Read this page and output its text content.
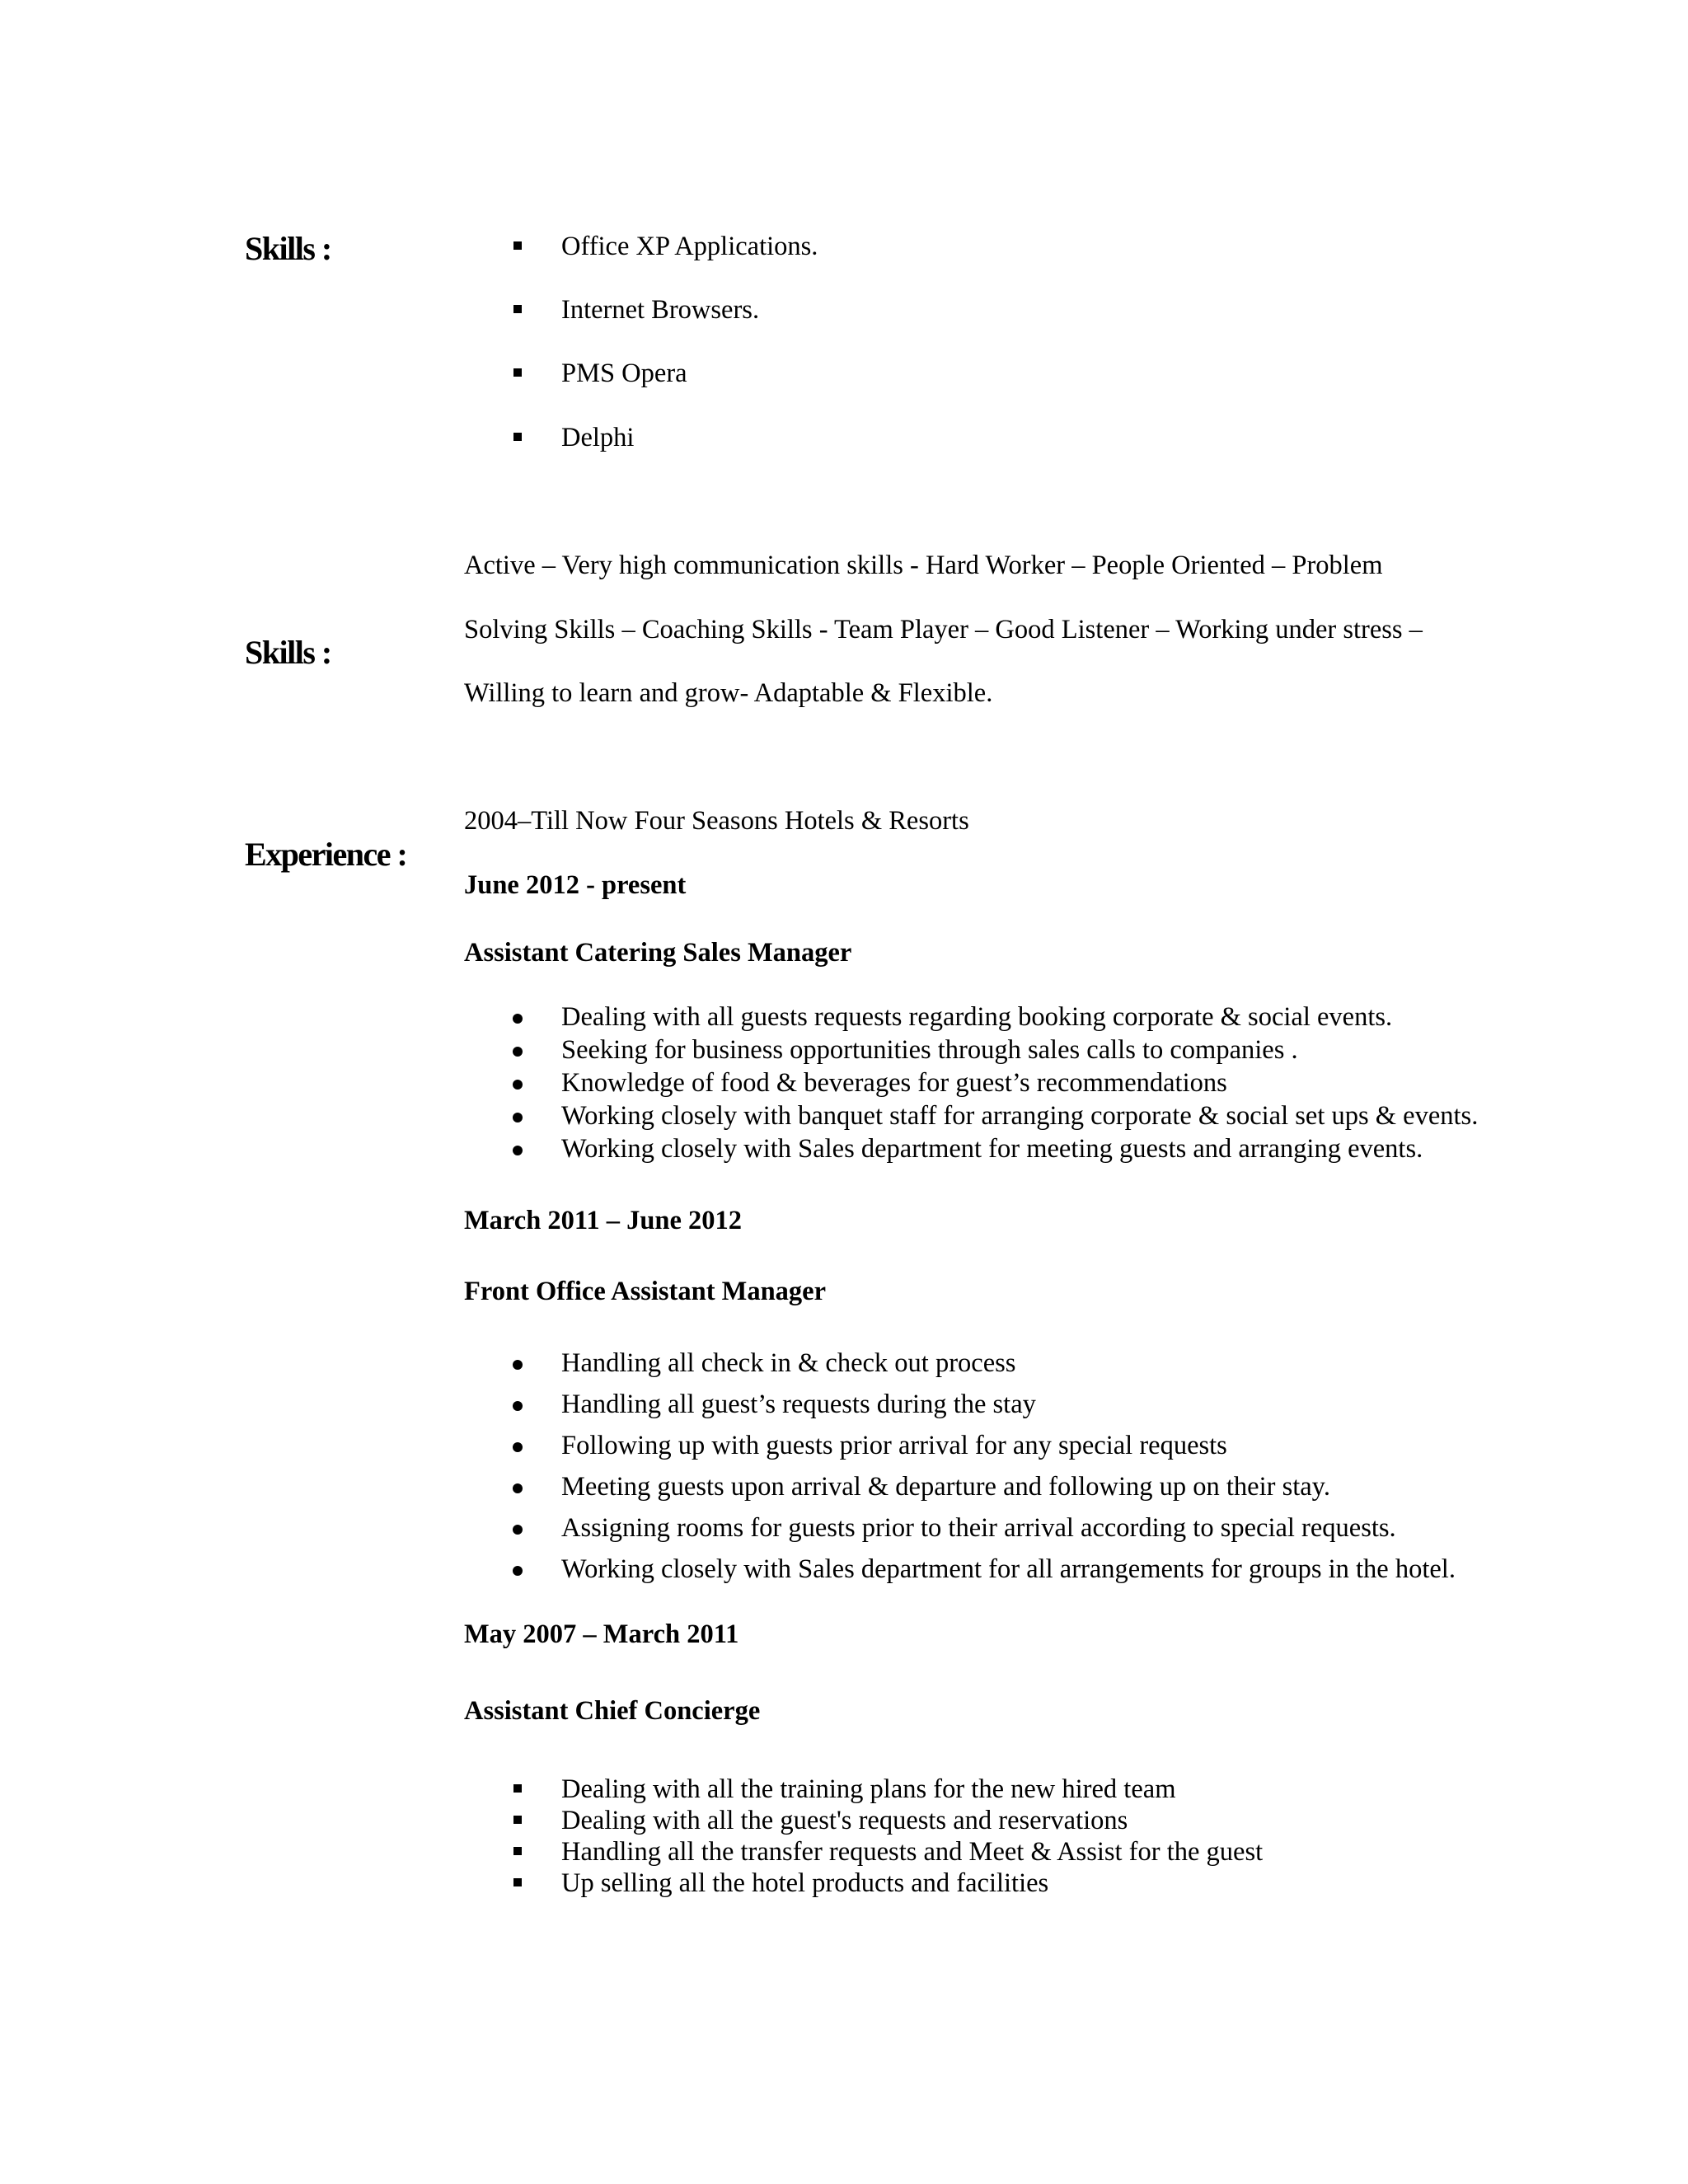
Skills :	Office XP Applications.
Internet Browsers.
PMS Opera
Delphi
Skills :
Active – Very high communication skills - Hard Worker – People Oriented – Problem
Solving Skills – Coaching Skills - Team Player – Good Listener – Working under stress –
Willing to learn and grow- Adaptable & Flexible.
Experience :
2004–Till Now Four Seasons Hotels & Resorts
June 2012 - present
Assistant Catering Sales Manager
Dealing with all guests requests regarding booking corporate & social events.
Seeking for business opportunities through sales calls to companies .
Knowledge of food & beverages for guest’s recommendations
Working closely with banquet staff for arranging corporate & social set ups & events.
Working closely with Sales department for meeting guests and arranging events.
March 2011 – June 2012
Front Office Assistant Manager
Handling all check in & check out process
Handling all guest’s requests during the stay
Following up with guests prior arrival for any special requests
Meeting guests upon arrival & departure and following up on their stay.
Assigning rooms for guests prior to their arrival according to special requests.
Working closely with Sales department for all arrangements for groups in the hotel.
May 2007 – March 2011
Assistant Chief Concierge
Dealing with all the training plans for the new hired team
Dealing with all the guest's requests and reservations
Handling all the transfer requests and Meet & Assist for the guest
Up selling all the hotel products and facilities
